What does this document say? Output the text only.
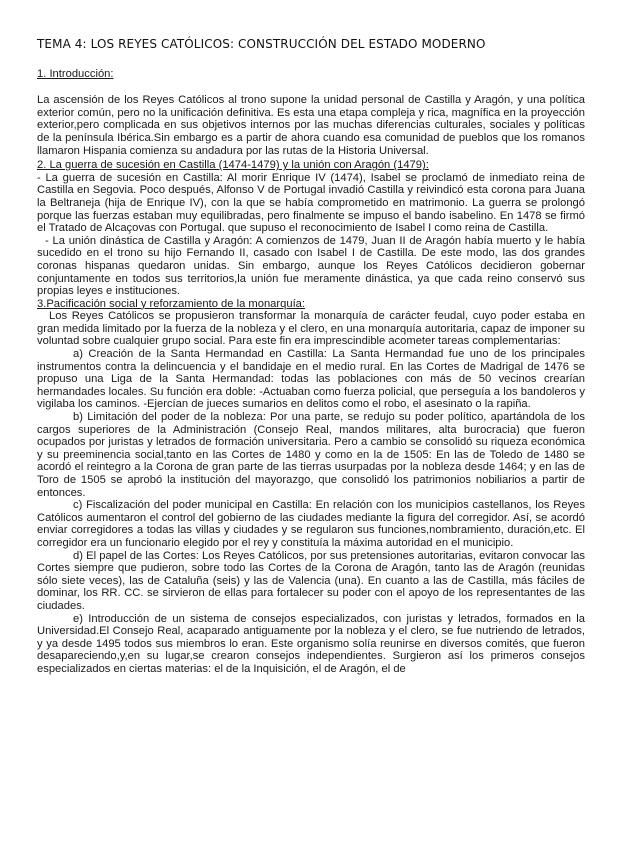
TEMA 4: LOS REYES CATÓLICOS: CONSTRUCCIÓN DEL ESTADO MODERNO
1. Introducción:

La ascensión de los Reyes Católicos al trono supone la unidad personal de Castilla y Aragón, y una política exterior común, pero no la unificación definitiva. Es esta una etapa compleja y rica, magnífica en la proyección exterior,pero complicada en sus objetivos internos por las muchas diferencias culturales, sociales y políticas de la península Ibérica.Sin embargo es a partir de ahora cuando esa comunidad de pueblos que los romanos llamaron Hispania comienza su andadura por las rutas de la Historia Universal.

2. La guerra de sucesión en Castilla (1474-1479) y la unión con Aragón (1479):

- La guerra de sucesión en Castilla: Al morir Enrique IV (1474), Isabel se proclamó de inmediato reina de Castilla en Segovia. Poco después, Alfonso V de Portugal invadió Castilla y reivindicó esta corona para Juana la Beltraneja (hija de Enrique IV), con la que se había comprometido en matrimonio. La guerra se prolongó porque las fuerzas estaban muy equilibradas, pero finalmente se impuso el bando isabelino. En 1478 se firmó el Tratado de Alcaçovas con Portugal. que supuso el reconocimiento de Isabel I como reina de Castilla.

- La unión dinástica de Castilla y Aragón: A comienzos de 1479, Juan II de Aragón había muerto y le había sucedido en el trono su hijo Fernando II, casado con Isabel I de Castilla. De este modo, las dos grandes coronas hispanas quedaron unidas. Sin embargo, aunque los Reyes Católicos decidieron gobernar conjuntamente en todos sus territorios,la unión fue meramente dinástica, ya que cada reino conservó sus propias leyes e instituciones.

3.Pacificación social y reforzamiento de la monarquía:

Los Reyes Católicos se propusieron transformar la monarquía de carácter feudal, cuyo poder estaba en gran medida limitado por la fuerza de la nobleza y el clero, en una monarquía autoritaria, capaz de imponer su voluntad sobre cualquier grupo social. Para este fin era imprescindible acometer tareas complementarias:

a) Creación de la Santa Hermandad en Castilla: La Santa Hermandad fue uno de los principales instrumentos contra la delincuencia y el bandidaje en el medio rural. En las Cortes de Madrigal de 1476 se propuso una Liga de la Santa Hermandad: todas las poblaciones con más de 50 vecinos crearían hermandades locales. Su función era doble: -Actuaban como fuerza policial, que perseguía a los bandoleros y vigilaba los caminos. -Ejercían de jueces sumarios en delitos como el robo, el asesinato o la rapiña.

b) Limitación del poder de la nobleza: Por una parte, se redujo su poder político, apartándola de los cargos superiores de la Administración (Consejo Real, mandos militares, alta burocracia) que fueron ocupados por juristas y letrados de formación universitaria. Pero a cambio se consolidó su riqueza económica y su preeminencia social,tanto en las Cortes de 1480 y como en la de 1505: En las de Toledo de 1480 se acordó el reintegro a la Corona de gran parte de las tierras usurpadas por la nobleza desde 1464; y en las de Toro de 1505 se aprobó la institución del mayorazgo, que consolidó los patrimonios nobiliarios a partir de entonces.

c) Fiscalización del poder municipal en Castilla: En relación con los municipios castellanos, los Reyes Católicos aumentaron el control del gobierno de las ciudades mediante la figura del corregidor. Así, se acordó enviar corregidores a todas las villas y ciudades y se regularon sus funciones,nombramiento, duración,etc. El corregidor era un funcionario elegido por el rey y constituía la máxima autoridad en el municipio.

d) El papel de las Cortes: Los Reyes Católicos, por sus pretensiones autoritarias, evitaron convocar las Cortes siempre que pudieron, sobre todo las Cortes de la Corona de Aragón, tanto las de Aragón (reunidas sólo siete veces), las de Cataluña (seis) y las de Valencia (una). En cuanto a las de Castilla, más fáciles de dominar, los RR. CC. se sirvieron de ellas para fortalecer su poder con el apoyo de los representantes de las ciudades.

e) Introducción de un sistema de consejos especializados, con juristas y letrados, formados en la Universidad.El Consejo Real, acaparado antiguamente por la nobleza y el clero, se fue nutriendo de letrados, y ya desde 1495 todos sus miembros lo eran. Este organismo solía reunirse en diversos comités, que fueron desapareciendo,y,en su lugar,se crearon consejos independientes. Surgieron así los primeros consejos especializados en ciertas materias: el de la Inquisición, el de Aragón, el de
